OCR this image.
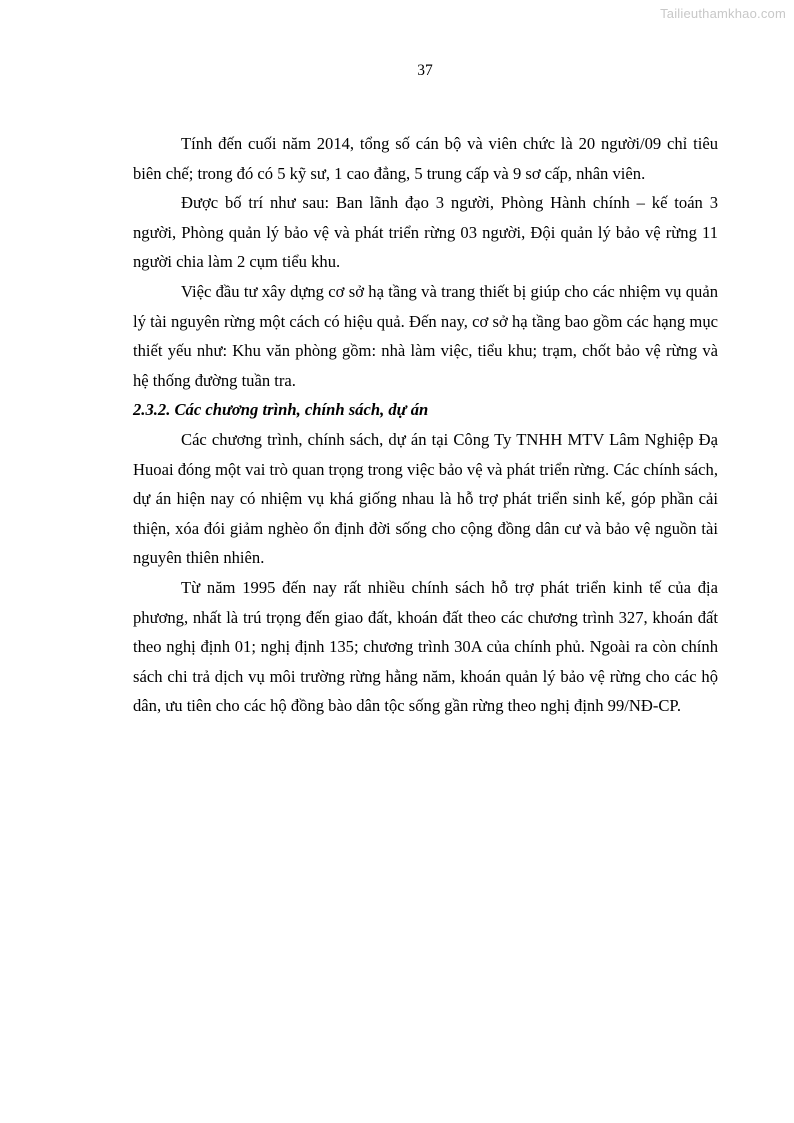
Tailieuthamkhao.com
37

Tính đến cuối năm 2014, tổng số cán bộ và viên chức là 20 người/09 chỉ tiêu biên chế; trong đó có 5 kỹ sư, 1 cao đẳng, 5 trung cấp và 9 sơ cấp, nhân viên.

Được bố trí như sau: Ban lãnh đạo 3 người, Phòng Hành chính – kế toán 3 người, Phòng quản lý bảo vệ và phát triển rừng 03 người, Đội quản lý bảo vệ rừng 11 người chia làm 2 cụm tiểu khu.

Việc đầu tư xây dựng cơ sở hạ tầng và trang thiết bị giúp cho các nhiệm vụ quản lý tài nguyên rừng một cách có hiệu quả. Đến nay, cơ sở hạ tầng bao gồm các hạng mục thiết yếu như: Khu văn phòng gồm: nhà làm việc, tiểu khu; trạm, chốt bảo vệ rừng và hệ thống đường tuần tra.

2.3.2. Các chương trình, chính sách, dự án

Các chương trình, chính sách, dự án tại Công Ty TNHH MTV Lâm Nghiệp Đạ Huoai đóng một vai trò quan trọng trong việc bảo vệ và phát triển rừng. Các chính sách, dự án hiện nay có nhiệm vụ khá giống nhau là hỗ trợ phát triển sinh kế, góp phần cải thiện, xóa đói giảm nghèo ổn định đời sống cho cộng đồng dân cư và bảo vệ nguồn tài nguyên thiên nhiên.

Từ năm 1995 đến nay rất nhiều chính sách hỗ trợ phát triển kinh tế của địa phương, nhất là trú trọng đến giao đất, khoán đất theo các chương trình 327, khoán đất theo nghị định 01; nghị định 135; chương trình 30A của chính phủ. Ngoài ra còn chính sách chi trả dịch vụ môi trường rừng hằng năm, khoán quản lý bảo vệ rừng cho các hộ dân, ưu tiên cho các hộ đồng bào dân tộc sống gần rừng theo nghị định 99/NĐ-CP.
